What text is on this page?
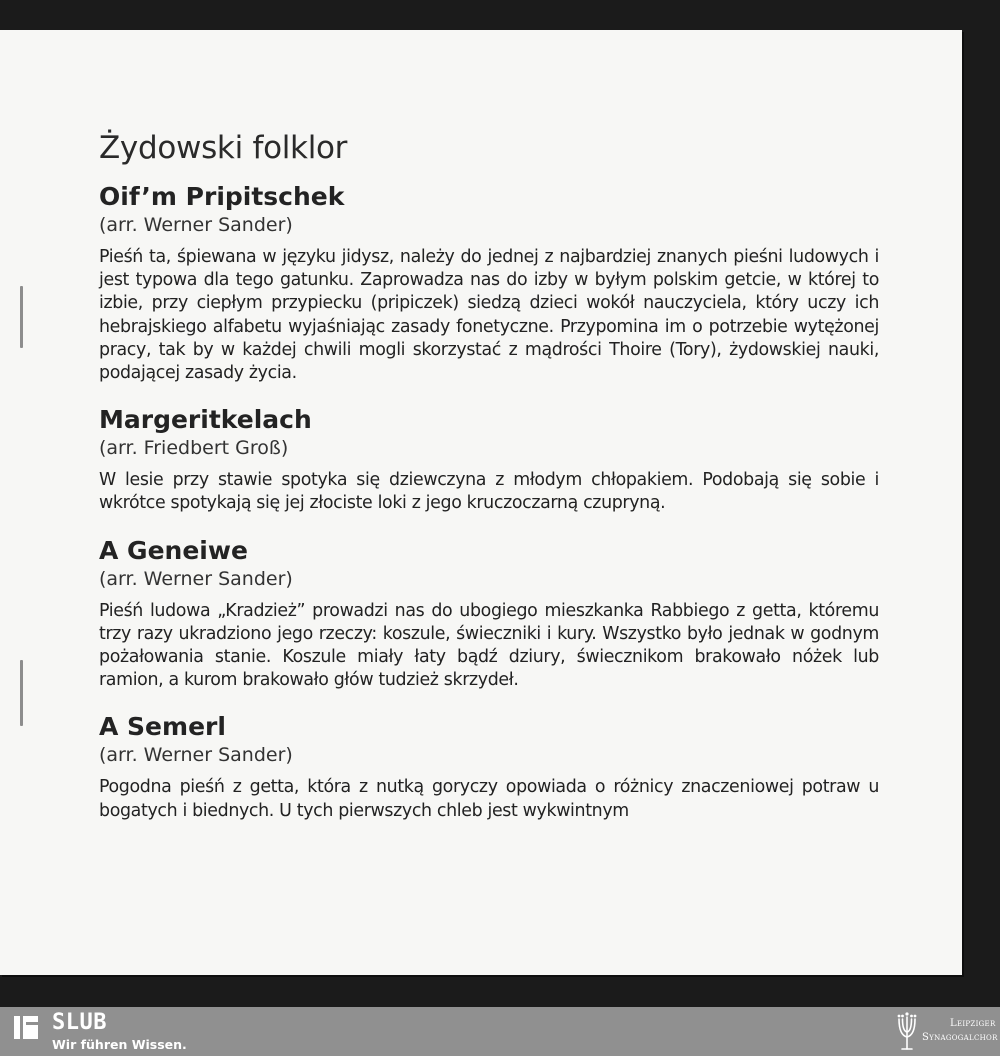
Żydowski folklor
Oif’m Pripitschek

(arr. Werner Sander)

Pieśń ta, śpiewana w języku jidysz, należy do jednej z najbardziej znanych pieśni ludowych i jest typowa dla tego gatunku. Zaprowadza nas do izby w byłym polskim getcie, w której to izbie, przy ciepłym przypiecku (pripiczek) siedzą dzieci wokół nauczyciela, który uczy ich hebrajskiego alfabetu wyjaśniając zasady fonetyczne. Przypomina im o potrzebie wytężonej pracy, tak by w każdej chwili mogli skorzystać z mądrości Thoire (Tory), żydowskiej nauki, podającej zasady życia.

Margeritkelach

(arr. Friedbert Groß)

W lesie przy stawie spotyka się dziewczyna z młodym chłopakiem. Podobają się sobie i wkrótce spotykają się jej złociste loki z jego kruczoczarną czupryną.

A Geneiwe

(arr. Werner Sander)

Pieśń ludowa „Kradzież” prowadzi nas do ubogiego mieszkanka Rabbiego z getta, któremu trzy razy ukradziono jego rzeczy: koszule, świeczniki i kury. Wszystko było jednak w godnym pożałowania stanie. Koszule miały łaty bądź dziury, świecznikom brakowało nóżek lub ramion, a kurom brakowało głów tudzież skrzydeł.

A Semerl

(arr. Werner Sander)

Pogodna pieśń z getta, która z nutką goryczy opowiada o różnicy znaczeniowej potraw u bogatych i biednych. U tych pierwszych chleb jest wykwintnym

SLUB
Wir führen Wissen.
Leipziger
Synagogalchor
